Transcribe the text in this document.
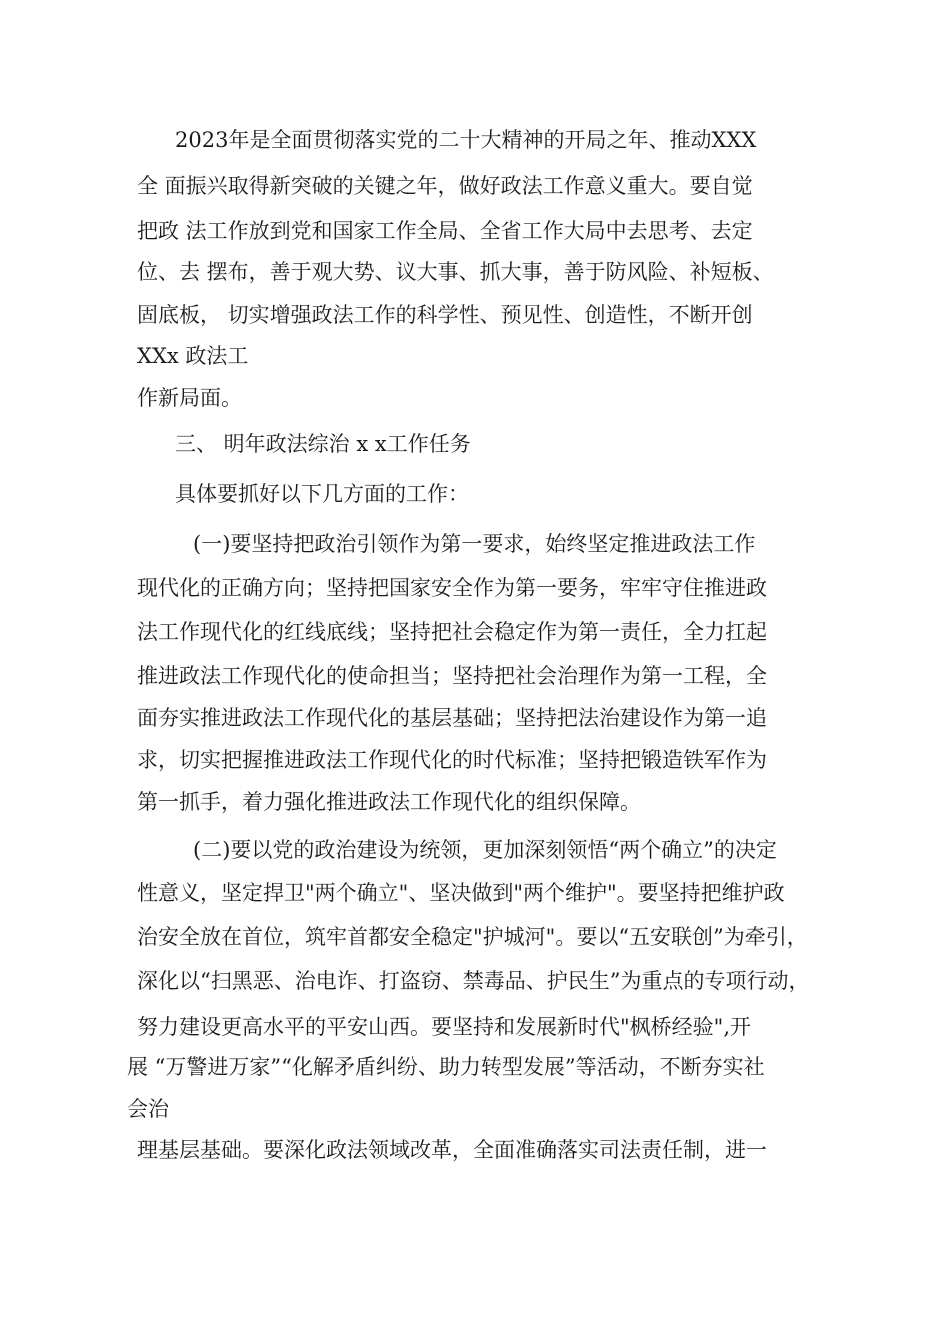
2023年是全面贯彻落实党的二十大精神的开局之年、推动XXX
全 面振兴取得新突破的关键之年，做好政法工作意义重大。要自觉
把政 法工作放到党和国家工作全局、全省工作大局中去思考、去定
位、去 摆布，善于观大势、议大事、抓大事，善于防风险、补短板、
固底板， 切实增强政法工作的科学性、预见性、创造性，不断开创
XXx 政法工
作新局面。
三、 明年政法综治 x x工作任务
具体要抓好以下几方面的工作：
(一)要坚持把政治引领作为第一要求，始终坚定推进政法工作
现代化的正确方向；坚持把国家安全作为第一要务，牢牢守住推进政
法工作现代化的红线底线；坚持把社会稳定作为第一责任，全力扛起
推进政法工作现代化的使命担当；坚持把社会治理作为第一工程，全
面夯实推进政法工作现代化的基层基础；坚持把法治建设作为第一追
求，切实把握推进政法工作现代化的时代标准；坚持把锻造铁军作为
第一抓手，着力强化推进政法工作现代化的组织保障。
(二)要以党的政治建设为统领，更加深刻领悟“两个确立”的决定
性意义，坚定捍卫"两个确立"、坚决做到"两个维护"。要坚持把维护政
治安全放在首位，筑牢首都安全稳定"护城河"。要以“五安联创”为牵引，
深化以“扫黑恶、治电诈、打盗窃、禁毒品、护民生”为重点的专项行动，
努力建设更高水平的平安山西。要坚持和发展新时代"枫桥经验",开
展 “万警进万家”“化解矛盾纠纷、助力转型发展”等活动，不断夯实社
会治
理基层基础。要深化政法领域改革，全面准确落实司法责任制，进一
